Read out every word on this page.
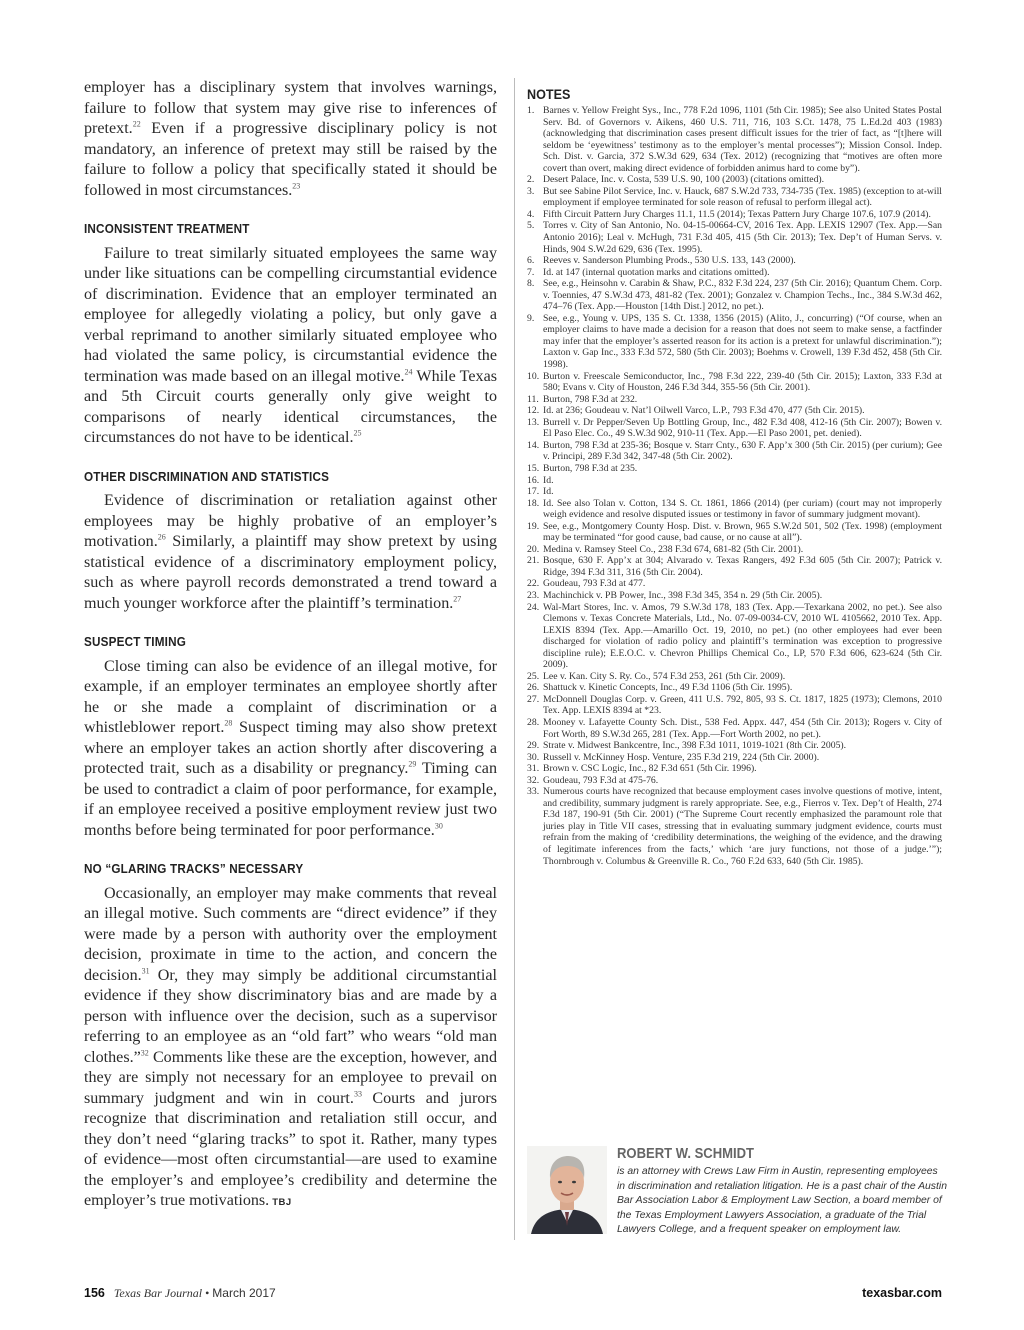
employer has a disciplinary system that involves warnings, failure to follow that system may give rise to inferences of pretext.$^{22}$ Even if a progressive disciplinary policy is not mandatory, an inference of pretext may still be raised by the failure to follow a policy that specifically stated it should be followed in most circumstances.$^{23}$

INCONSISTENT TREATMENT

Failure to treat similarly situated employees the same way under like situations can be compelling circumstantial evidence of discrimination. Evidence that an employer terminated an employee for allegedly violating a policy, but only gave a verbal reprimand to another similarly situated employee who had violated the same policy, is circumstantial evidence the termination was made based on an illegal motive.$^{24}$ While Texas and 5th Circuit courts generally only give weight to comparisons of nearly identical circumstances, the circumstances do not have to be identical.$^{25}$

OTHER DISCRIMINATION AND STATISTICS

Evidence of discrimination or retaliation against other employees may be highly probative of an employer’s motivation.$^{26}$ Similarly, a plaintiff may show pretext by using statistical evidence of a discriminatory employment policy, such as where payroll records demonstrated a trend toward a much younger workforce after the plaintiff’s termination.$^{27}$

SUSPECT TIMING

Close timing can also be evidence of an illegal motive, for example, if an employer terminates an employee shortly after he or she made a complaint of discrimination or a whistleblower report.$^{28}$ Suspect timing may also show pretext where an employer takes an action shortly after discovering a protected trait, such as a disability or pregnancy.$^{29}$ Timing can be used to contradict a claim of poor performance, for example, if an employee received a positive employment review just two months before being terminated for poor performance.$^{30}$

NO “GLARING TRACKS” NECESSARY

Occasionally, an employer may make comments that reveal an illegal motive. Such comments are “direct evidence” if they were made by a person with authority over the employment decision, proximate in time to the action, and concern the decision.$^{31}$ Or, they may simply be additional circumstantial evidence if they show discriminatory bias and are made by a person with influence over the decision, such as a supervisor referring to an employee as an “old fart” who wears “old man clothes.”$^{32}$ Comments like these are the exception, however, and they are simply not necessary for an employee to prevail on summary judgment and win in court.$^{33}$ Courts and jurors recognize that discrimination and retaliation still occur, and they don’t need “glaring tracks” to spot it. Rather, many types of evidence—most often circumstantial—are used to examine the employer’s and employee’s credibility and determine the employer’s true motivations. TBJ

NOTES
1. Barnes v. Yellow Freight Sys., Inc., 778 F.2d 1096, 1101 (5th Cir. 1985); See also United States Postal Serv. Bd. of Governors v. Aikens, 460 U.S. 711, 716, 103 S.Ct. 1478, 75 L.Ed.2d 403 (1983) (acknowledging that discrimination cases present difficult issues for the trier of fact, as “[t]here will seldom be ‘eyewitness’ testimony as to the employer’s mental processes”); Mission Consol. Indep. Sch. Dist. v. Garcia, 372 S.W.3d 629, 634 (Tex. 2012) (recognizing that “motives are often more covert than overt, making direct evidence of forbidden animus hard to come by”).
2. Desert Palace, Inc. v. Costa, 539 U.S. 90, 100 (2003) (citations omitted).
3. But see Sabine Pilot Service, Inc. v. Hauck, 687 S.W.2d 733, 734-735 (Tex. 1985) (exception to at-will employment if employee terminated for sole reason of refusal to perform illegal act).
4. Fifth Circuit Pattern Jury Charges 11.1, 11.5 (2014); Texas Pattern Jury Charge 107.6, 107.9 (2014).
5. Torres v. City of San Antonio, No. 04-15-00664-CV, 2016 Tex. App. LEXIS 12907 (Tex. App.—San Antonio 2016); Leal v. McHugh, 731 F.3d 405, 415 (5th Cir. 2013); Tex. Dep’t of Human Servs. v. Hinds, 904 S.W.2d 629, 636 (Tex. 1995).
6. Reeves v. Sanderson Plumbing Prods., 530 U.S. 133, 143 (2000).
7. Id. at 147 (internal quotation marks and citations omitted).
8. See, e.g., Heinsohn v. Carabin & Shaw, P.C., 832 F.3d 224, 237 (5th Cir. 2016); Quantum Chem. Corp. v. Toennies, 47 S.W.3d 473, 481-82 (Tex. 2001); Gonzalez v. Champion Techs., Inc., 384 S.W.3d 462, 474–76 (Tex. App.—Houston [14th Dist.] 2012, no pet.).
9. See, e.g., Young v. UPS, 135 S. Ct. 1338, 1356 (2015) (Alito, J., concurring) (“Of course, when an employer claims to have made a decision for a reason that does not seem to make sense, a factfinder may infer that the employer’s asserted reason for its action is a pretext for unlawful discrimination.”); Laxton v. Gap Inc., 333 F.3d 572, 580 (5th Cir. 2003); Boehms v. Crowell, 139 F.3d 452, 458 (5th Cir. 1998).
10. Burton v. Freescale Semiconductor, Inc., 798 F.3d 222, 239-40 (5th Cir. 2015); Laxton, 333 F.3d at 580; Evans v. City of Houston, 246 F.3d 344, 355-56 (5th Cir. 2001).
11. Burton, 798 F.3d at 232.
12. Id. at 236; Goudeau v. Nat’l Oilwell Varco, L.P., 793 F.3d 470, 477 (5th Cir. 2015).
13. Burrell v. Dr Pepper/Seven Up Bottling Group, Inc., 482 F.3d 408, 412-16 (5th Cir. 2007); Bowen v. El Paso Elec. Co., 49 S.W.3d 902, 910-11 (Tex. App.—El Paso 2001, pet. denied).
14. Burton, 798 F.3d at 235-36; Bosque v. Starr Cnty., 630 F. App’x 300 (5th Cir. 2015) (per curium); Gee v. Principi, 289 F.3d 342, 347-48 (5th Cir. 2002).
15. Burton, 798 F.3d at 235.
16. Id.
17. Id.
18. Id. See also Tolan v. Cotton, 134 S. Ct. 1861, 1866 (2014) (per curiam) (court may not improperly weigh evidence and resolve disputed issues or testimony in favor of summary judgment movant).
19. See, e.g., Montgomery County Hosp. Dist. v. Brown, 965 S.W.2d 501, 502 (Tex. 1998) (employment may be terminated “for good cause, bad cause, or no cause at all”).
20. Medina v. Ramsey Steel Co., 238 F.3d 674, 681-82 (5th Cir. 2001).
21. Bosque, 630 F. App’x at 304; Alvarado v. Texas Rangers, 492 F.3d 605 (5th Cir. 2007); Patrick v. Ridge, 394 F.3d 311, 316 (5th Cir. 2004).
22. Goudeau, 793 F.3d at 477.
23. Machinchick v. PB Power, Inc., 398 F.3d 345, 354 n. 29 (5th Cir. 2005).
24. Wal-Mart Stores, Inc. v. Amos, 79 S.W.3d 178, 183 (Tex. App.—Texarkana 2002, no pet.). See also Clemons v. Texas Concrete Materials, Ltd., No. 07-09-0034-CV, 2010 WL 4105662, 2010 Tex. App. LEXIS 8394 (Tex. App.—Amarillo Oct. 19, 2010, no pet.) (no other employees had ever been discharged for violation of radio policy and plaintiff’s termination was exception to progressive discipline rule); E.E.O.C. v. Chevron Phillips Chemical Co., LP, 570 F.3d 606, 623-624 (5th Cir. 2009).
25. Lee v. Kan. City S. Ry. Co., 574 F.3d 253, 261 (5th Cir. 2009).
26. Shattuck v. Kinetic Concepts, Inc., 49 F.3d 1106 (5th Cir. 1995).
27. McDonnell Douglas Corp. v. Green, 411 U.S. 792, 805, 93 S. Ct. 1817, 1825 (1973); Clemons, 2010 Tex. App. LEXIS 8394 at *23.
28. Mooney v. Lafayette County Sch. Dist., 538 Fed. Appx. 447, 454 (5th Cir. 2013); Rogers v. City of Fort Worth, 89 S.W.3d 265, 281 (Tex. App.—Fort Worth 2002, no pet.).
29. Strate v. Midwest Bankcentre, Inc., 398 F.3d 1011, 1019-1021 (8th Cir. 2005).
30. Russell v. McKinney Hosp. Venture, 235 F.3d 219, 224 (5th Cir. 2000).
31. Brown v. CSC Logic, Inc., 82 F.3d 651 (5th Cir. 1996).
32. Goudeau, 793 F.3d at 475-76.
33. Numerous courts have recognized that because employment cases involve questions of motive, intent, and credibility, summary judgment is rarely appropriate. See, e.g., Fierros v. Tex. Dep’t of Health, 274 F.3d 187, 190-91 (5th Cir. 2001) (“The Supreme Court recently emphasized the paramount role that juries play in Title VII cases, stressing that in evaluating summary judgment evidence, courts must refrain from the making of ‘credibility determinations, the weighing of the evidence, and the drawing of legitimate inferences from the facts,’ which ‘are jury functions, not those of a judge.’”); Thornbrough v. Columbus & Greenville R. Co., 760 F.2d 633, 640 (5th Cir. 1985).
ROBERT W. SCHMIDT
is an attorney with Crews Law Firm in Austin, representing employees in discrimination and retaliation litigation. He is a past chair of the Austin Bar Association Labor & Employment Law Section, a board member of the Texas Employment Lawyers Association, a graduate of the Trial Lawyers College, and a frequent speaker on employment law.
156 Texas Bar Journal • March 2017	texasbar.com
